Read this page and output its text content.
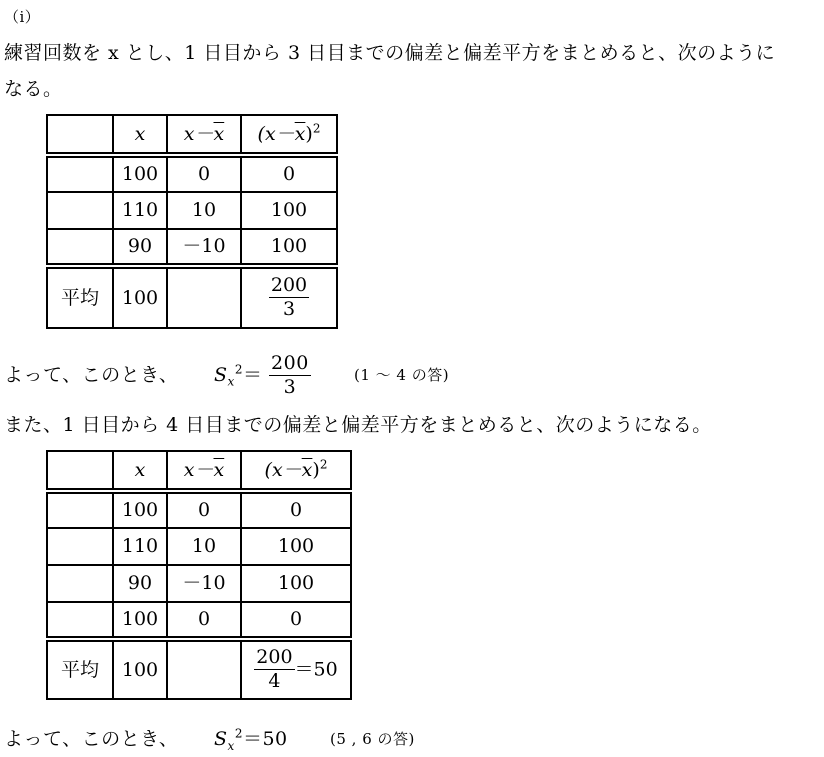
（ⅰ）
練習回数を x とし、1 日目から 3 日目までの偏差と偏差平方をまとめると、次のように
なる。
	x	$x-\overline{x}$	$(x-\overline{x})^2$
	100	0	0
	110	10	100
	90	－10	100
平均	100		$\frac{200}{3}$
よって、このとき、 $S_x^2= \frac{200}{3}$	(1 ～ 4 の答)
また、1 日目から 4 日目までの偏差と偏差平方をまとめると、次のようになる。
	x	$x-\overline{x}$	$(x-\overline{x})^2$
	100	0	0
	110	10	100
	90	－10	100
	100	0	0
平均	100		$\frac{200}{4} =50$
よって、このとき、 $S_x^2=50$	(5 , 6 の答)
